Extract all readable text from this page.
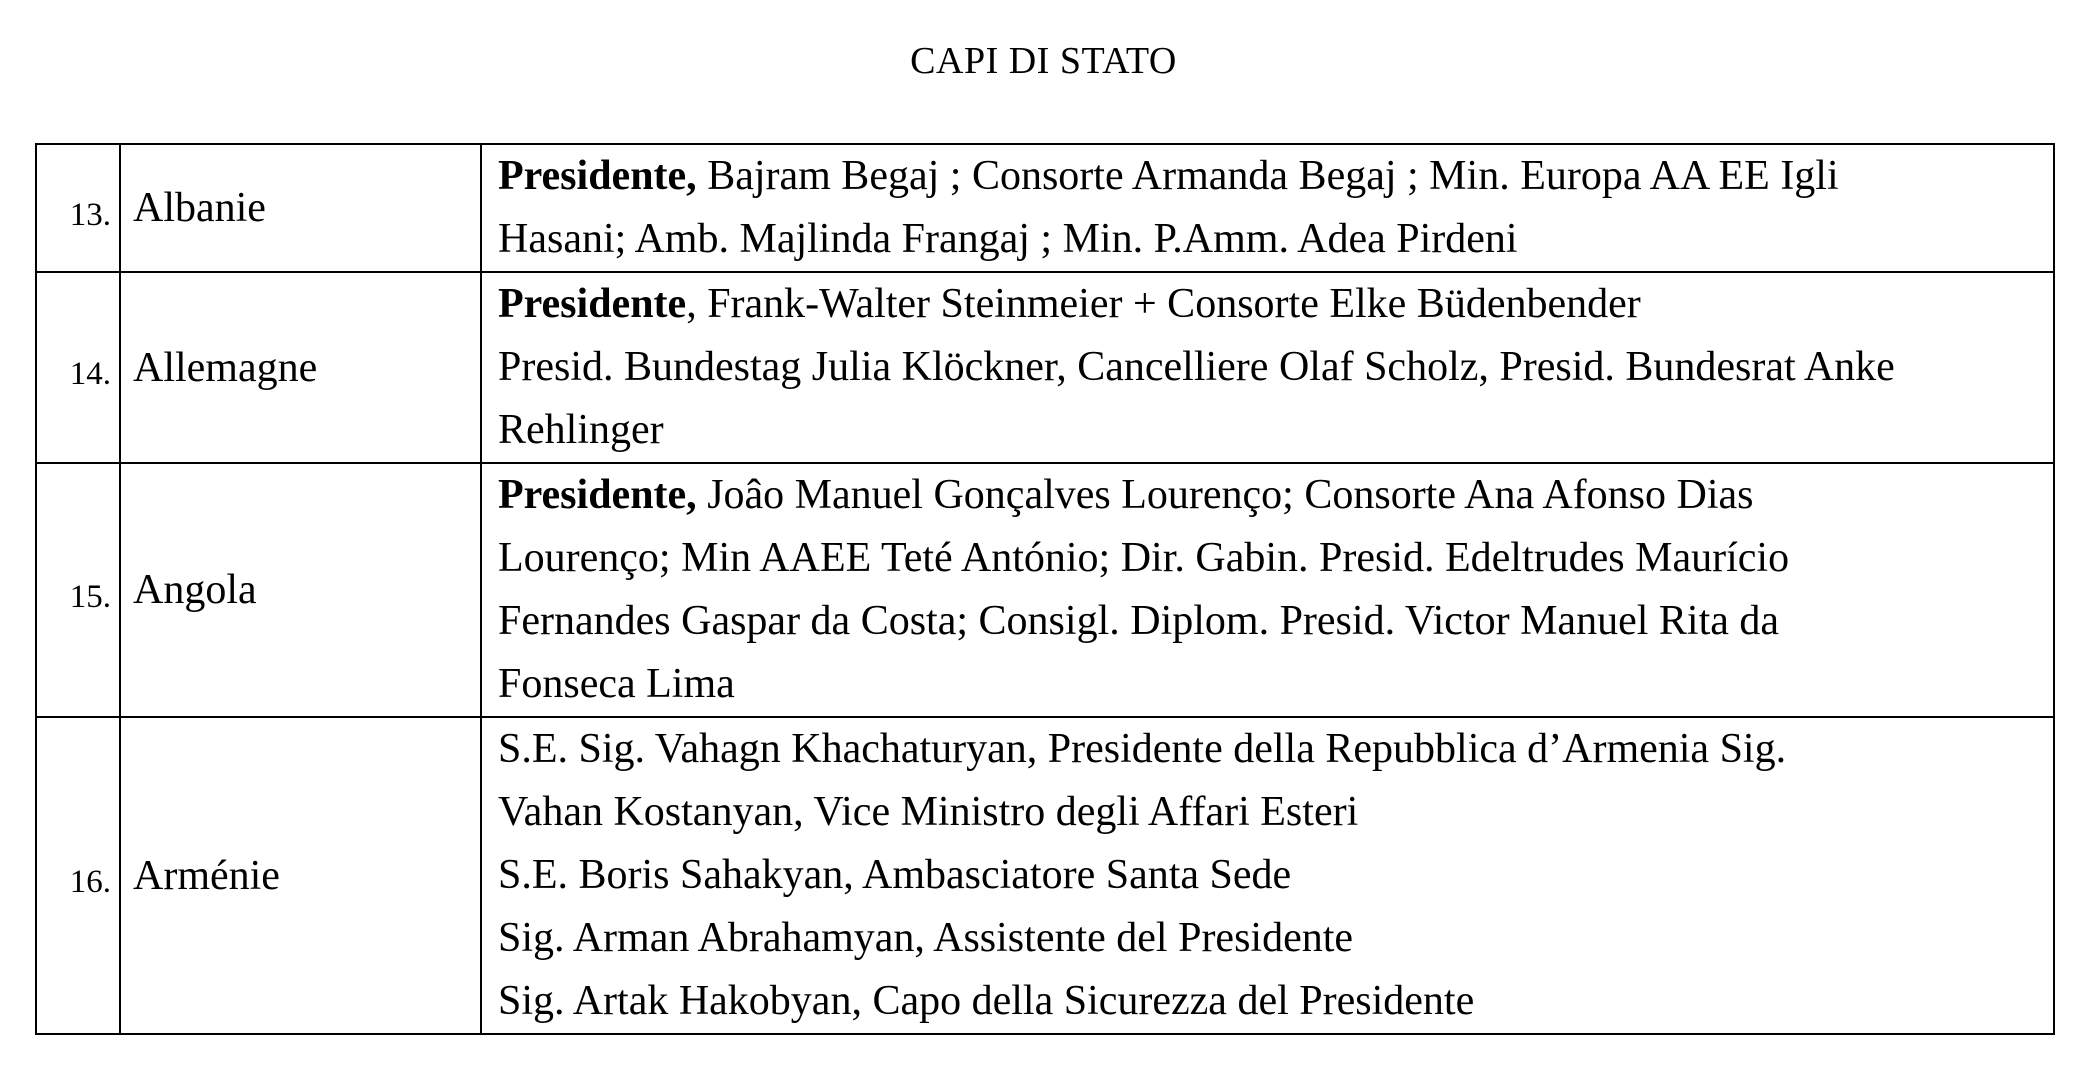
CAPI DI STATO
13.	Albanie	Presidente, Bajram Begaj ; Consorte Armanda Begaj ; Min. Europa AA EE Igli
Hasani; Amb. Majlinda Frangaj ; Min. P.Amm. Adea Pirdeni

14.	Allemagne	Presidente, Frank-Walter Steinmeier + Consorte Elke Büdenbender
Presid. Bundestag Julia Klöckner, Cancelliere Olaf Scholz, Presid. Bundesrat Anke
Rehlinger

15.	Angola	Presidente, Joâo Manuel Gonçalves Lourenço; Consorte Ana Afonso Dias
Lourenço; Min AAEE Teté António; Dir. Gabin. Presid. Edeltrudes Maurício
Fernandes Gaspar da Costa; Consigl. Diplom. Presid. Victor Manuel Rita da
Fonseca Lima

16.	Arménie	S.E. Sig. Vahagn Khachaturyan, Presidente della Repubblica d’Armenia Sig.
Vahan Kostanyan, Vice Ministro degli Affari Esteri
S.E. Boris Sahakyan, Ambasciatore Santa Sede
Sig. Arman Abrahamyan, Assistente del Presidente
Sig. Artak Hakobyan, Capo della Sicurezza del Presidente
